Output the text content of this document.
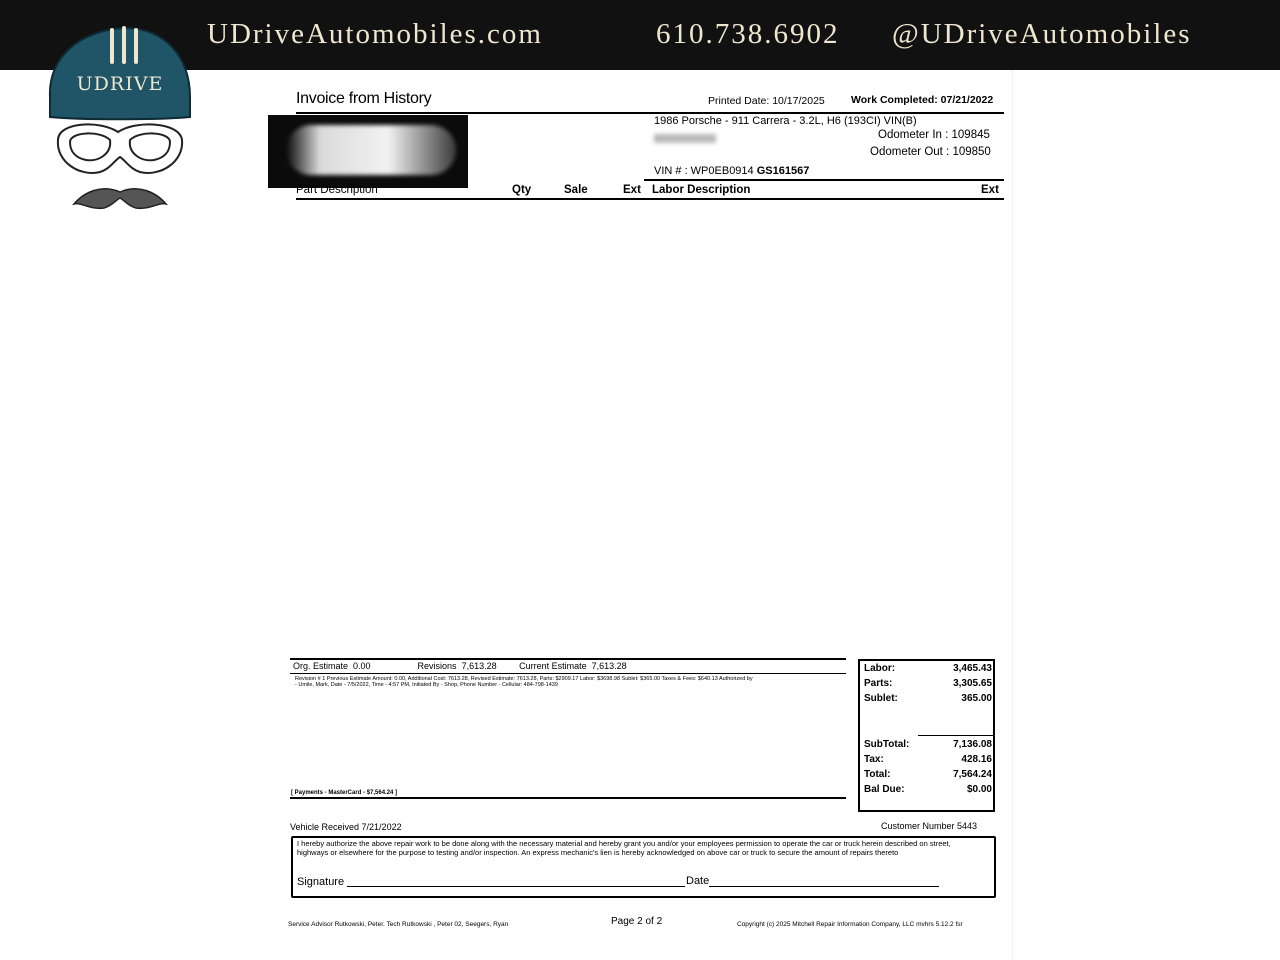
UDriveAutomobiles.com	610.738.6902 @UDriveAutomobiles
UDRIVE
Invoice from History	Printed Date: 10/17/2025 Work Completed: 07/21/2022
1986 Porsche - 911 Carrera - 3.2L, H6 (193CI) VIN(B)
Odometer In : 109845
Odometer Out : 109850
VIN # : WP0EB0914 GS161567
Part Description	Qty	Sale	Ext Labor Description	Ext
Org. Estimate 0.00	Revisions 7,613.28 Current Estimate 7,613.28
Revision # 1 Previous Estimate Amount: 0.00, Additional Cost: 7613.28, Revised Estimate: 7613.28, Parts: $2909.17 Labor: $3698.98 Sublet: $365.00 Taxes & Fees: $640.13 Authorized by - Umile, Mark, Date - 7/5/2022, Time - 4:57 PM, Initiated By - Shop, Phone Number - Cellular: 484-798-1439
[ Payments - MasterCard - $7,564.24 ]
Labor:	3,465.43
Parts:	3,305.65
Sublet:	365.00
SubTotal:	7,136.08
Tax:	428.16
Total:	7,564.24
Bal Due:	$0.00
Vehicle Received 7/21/2022	Customer Number 5443
I hereby authorize the above repair work to be done along with the necessary material and hereby grant you and/or your employees permission to operate the car or truck herein described on street, highways or elsewhere for the purpose to testing and/or inspection. An express mechanic's lien is hereby acknowledged on above car or truck to secure the amount of repairs thereto
Signature	Date
Service Advisor Rutkowski, Peter. Tech Rutkowski , Peter 02, Seegers, Ryan	Page 2 of 2	Copyright (c) 2025 Mitchell Repair Information Company, LLC mvhrs 5.12.2 fsr
